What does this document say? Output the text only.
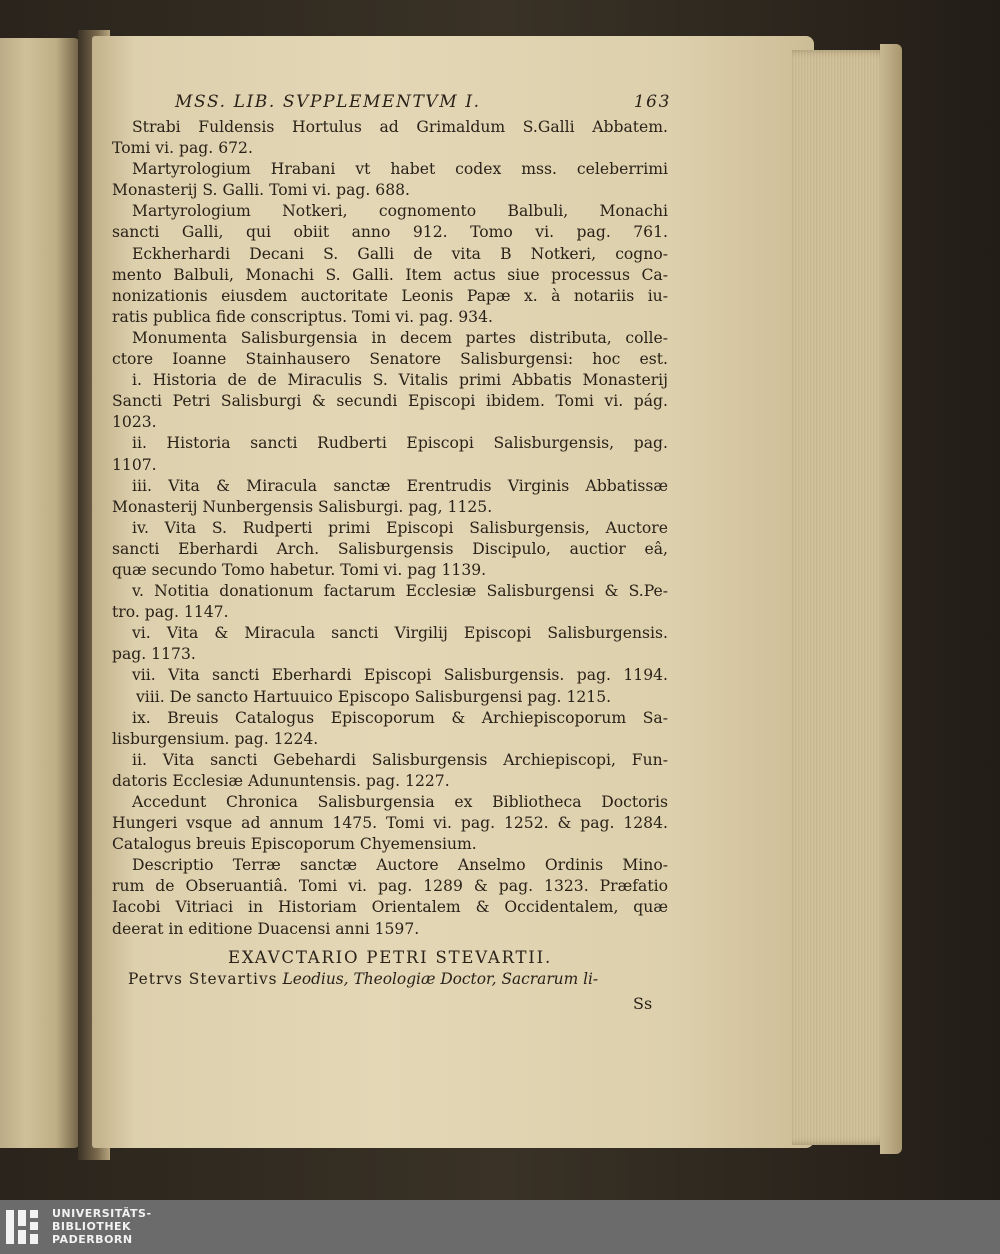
MSS. LIB. SVPPLEMENTVM I.	163
Strabi Fuldensis Hortulus ad Grimaldum S.Galli Abbatem.
Tomi vi. pag. 672.
Martyrologium Hrabani vt habet codex mss. celeberrimi
Monasterij S. Galli. Tomi vi. pag. 688.
Martyrologium Notkeri, cognomento Balbuli, Monachi
sancti Galli, qui obiit anno 912. Tomo vi. pag. 761.
Eckherhardi Decani S. Galli de vita B Notkeri, cogno-
mento Balbuli, Monachi S. Galli. Item actus siue processus Ca-
nonizationis eiusdem auctoritate Leonis Papæ x. à notariis iu-
ratis publica fide conscriptus. Tomi vi. pag. 934.
Monumenta Salisburgensia in decem partes distributa, colle-
ctore Ioanne Stainhausero Senatore Salisburgensi: hoc est.
i. Historia de de Miraculis S. Vitalis primi Abbatis Monasterij
Sancti Petri Salisburgi & secundi Episcopi ibidem. Tomi vi. pág.
1023.
ii. Historia sancti Rudberti Episcopi Salisburgensis, pag.
1107.
iii. Vita & Miracula sanctæ Erentrudis Virginis Abbatissæ
Monasterij Nunbergensis Salisburgi. pag, 1125.
iv. Vita S. Rudperti primi Episcopi Salisburgensis, Auctore
sancti Eberhardi Arch. Salisburgensis Discipulo, auctior eâ,
quæ secundo Tomo habetur. Tomi vi. pag 1139.
v. Notitia donationum factarum Ecclesiæ Salisburgensi & S.Pe-
tro. pag. 1147.
vi. Vita & Miracula sancti Virgilij Episcopi Salisburgensis.
pag. 1173.
vii. Vita sancti Eberhardi Episcopi Salisburgensis. pag. 1194.
viii. De sancto Hartuuico Episcopo Salisburgensi pag. 1215.
ix. Breuis Catalogus Episcoporum & Archiepiscoporum Sa-
lisburgensium. pag. 1224.
ii. Vita sancti Gebehardi Salisburgensis Archiepiscopi, Fun-
datoris Ecclesiæ Adununtensis. pag. 1227.
Accedunt Chronica Salisburgensia ex Bibliotheca Doctoris
Hungeri vsque ad annum 1475. Tomi vi. pag. 1252. & pag. 1284.
Catalogus breuis Episcoporum Chyemensium.
Descriptio Terræ sanctæ Auctore Anselmo Ordinis Mino-
rum de Obseruantiâ. Tomi vi. pag. 1289 & pag. 1323. Præfatio
Iacobi Vitriaci in Historiam Orientalem & Occidentalem, quæ
deerat in editione Duacensi anni 1597.
EXAVCTARIO PETRI STEVARTII.
Petrvs Stevartivs Leodius, Theologiæ Doctor, Sacrarum li-
Ss
UNIVERSITÄTS-
BIBLIOTHEK
PADERBORN
